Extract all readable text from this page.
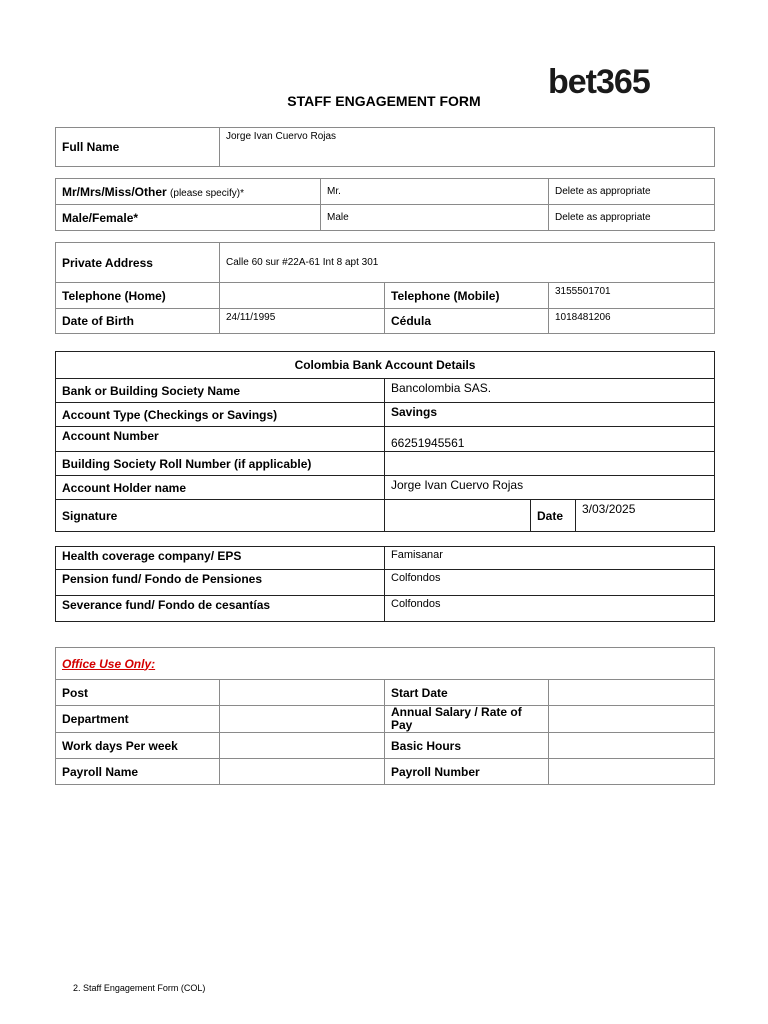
bet365
STAFF ENGAGEMENT FORM
Full Name	Jorge Ivan Cuervo Rojas
Mr/Mrs/Miss/Other (please specify)*	Mr.	Delete as appropriate
Male/Female*	Male	Delete as appropriate
Private Address	Calle 60 sur #22A-61 Int 8 apt 301		
Telephone (Home)		Telephone (Mobile)	3155501701
Date of Birth	24/11/1995	Cédula	1018481206
Colombia Bank Account Details			
Bank or Building Society Name	Bancolombia SAS.		
Account Type (Checkings or Savings)	Savings		
Account Number	66251945561		
Building Society Roll Number (if applicable)			
Account Holder name	Jorge Ivan Cuervo Rojas		
Signature		Date	3/03/2025
Health coverage company/ EPS	Famisanar
Pension fund/ Fondo de Pensiones	Colfondos
Severance fund/ Fondo de cesantías	Colfondos
Office Use Only:			
Post		Start Date	
Department		Annual Salary / Rate of Pay	
Work days Per week		Basic Hours	
Payroll Name		Payroll Number	
2. Staff Engagement Form (COL)
